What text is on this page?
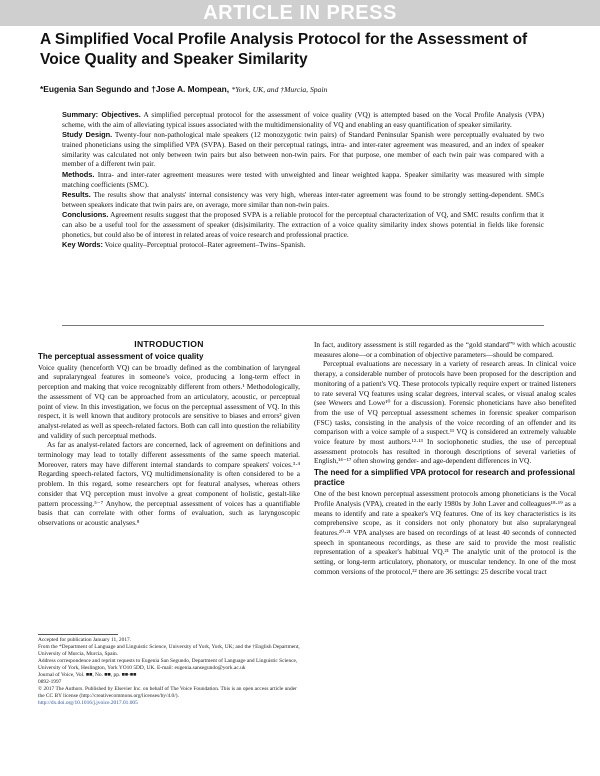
ARTICLE IN PRESS
A Simplified Vocal Profile Analysis Protocol for the Assessment of Voice Quality and Speaker Similarity
*Eugenia San Segundo and †Jose A. Mompean, *York, UK, and †Murcia, Spain

Summary: Objectives. A simplified perceptual protocol for the assessment of voice quality (VQ) is attempted based on the Vocal Profile Analysis (VPA) scheme, with the aim of alleviating typical issues associated with the multidimensionality of VQ and enabling an easy quantification of speaker similarity.

Study Design. Twenty-four non-pathological male speakers (12 monozygotic twin pairs) of Standard Peninsular Spanish were perceptually evaluated by two trained phoneticians using the simplified VPA (SVPA). Based on their perceptual ratings, intra- and inter-rater agreement was measured, and an index of speaker similarity was calculated not only between twin pairs but also between non-twin pairs. For that purpose, one member of each twin pair was compared with a member of a different twin pair.

Methods. Intra- and inter-rater agreement measures were tested with unweighted and linear weighted kappa. Speaker similarity was measured with simple matching coefficients (SMC).

Results. The results show that analysts' internal consistency was very high, whereas inter-rater agreement was found to be strongly setting-dependent. SMCs between speakers indicate that twin pairs are, on average, more similar than non-twin pairs.

Conclusions. Agreement results suggest that the proposed SVPA is a reliable protocol for the perceptual characterization of VQ, and SMC results confirm that it can also be a useful tool for the assessment of speaker (dis)similarity. The extraction of a voice quality similarity index shows potential in fields like forensic phonetics, but could also be of interest in related areas of voice research and professional practice.

Key Words: Voice quality–Perceptual protocol–Rater agreement–Twins–Spanish.

INTRODUCTION
The perceptual assessment of voice quality

Voice quality (henceforth VQ) can be broadly defined as the combination of laryngeal and supralaryngeal features in someone's voice, producing a long-term effect in perception and making that voice recognizably different from others.¹ Methodologically, the assessment of VQ can be approached from an articulatory, acoustic, or perceptual point of view. In this investigation, we focus on the perceptual assessment of VQ. In this respect, it is well known that auditory protocols are sensitive to biases and errors² given analyst-related as well as speech-related factors. Both can call into question the reliability and validity of such perceptual methods.

As far as analyst-related factors are concerned, lack of agreement on definitions and terminology may lead to totally different assessments of the same speech material. Moreover, raters may have different internal standards to compare speakers' voices.³·⁴ Regarding speech-related factors, VQ multidimensionality is often considered to be a problem. In this regard, some researchers opt for featural analyses, whereas others consider that VQ perception must involve a great component of holistic, gestalt-like pattern processing.⁵⁻⁷ Anyhow, the perceptual assessment of voices has a quantifiable basis that can correlate with other forms of evaluation, such as laryngoscopic observations or acoustic analyses.⁸

Accepted for publication January 11, 2017.
From the *Department of Language and Linguistic Science, University of York, York, UK; and the †English Department, University of Murcia, Murcia, Spain.
Address correspondence and reprint requests to Eugenia San Segundo, Department of Language and Linguistic Science, University of York, Heslington, York YO10 5DD, UK. E-mail: eugenia.sansegundo@york.ac.uk
Journal of Voice, Vol. ■■, No. ■■, pp. ■■-■■
0892-1997
© 2017 The Authors. Published by Elsevier Inc. on behalf of The Voice Foundation. This is an open access article under the CC BY license (http://creativecommons.org/licenses/by/4.0/).
http://dx.doi.org/10.1016/j.jvoice.2017.01.005

In fact, auditory assessment is still regarded as the “gold standard”⁹ with which acoustic measures alone—or a combination of objective parameters—should be compared.

Perceptual evaluations are necessary in a variety of research areas. In clinical voice therapy, a considerable number of protocols have been proposed for the description and monitoring of a patient's VQ. These protocols typically require expert or trained listeners to rate several VQ features using scalar degrees, interval scales, or visual analog scales (see Wewers and Lowe¹⁰ for a discussion). Forensic phoneticians have also benefited from the use of VQ perceptual assessment schemes in forensic speaker comparison (FSC) tasks, consisting in the analysis of the voice recording of an offender and its comparison with a voice sample of a suspect.¹¹ VQ is considered an extremely valuable voice feature by most authors.¹²·¹³ In sociophonetic studies, the use of perceptual assessment protocols has resulted in thorough descriptions of several varieties of English,¹⁴⁻¹⁷ often showing gender- and age-dependent differences in VQ.

The need for a simplified VPA protocol for research and professional practice

One of the best known perceptual assessment protocols among phoneticians is the Vocal Profile Analysis (VPA), created in the early 1980s by John Laver and colleagues¹⁸·¹⁹ as a means to identify and rate a speaker's VQ features. One of its key characteristics is its comprehensive scope, as it considers not only phonatory but also supralaryngeal features.²⁰·²¹ VPA analyses are based on recordings of at least 40 seconds of connected speech in spontaneous recordings, as these are said to provide the most realistic representation of a speaker's habitual VQ.²¹ The analytic unit of the protocol is the setting, or long-term articulatory, phonatory, or muscular tendency. In one of the most common versions of the protocol,²² there are 36 settings: 25 describe vocal tract
